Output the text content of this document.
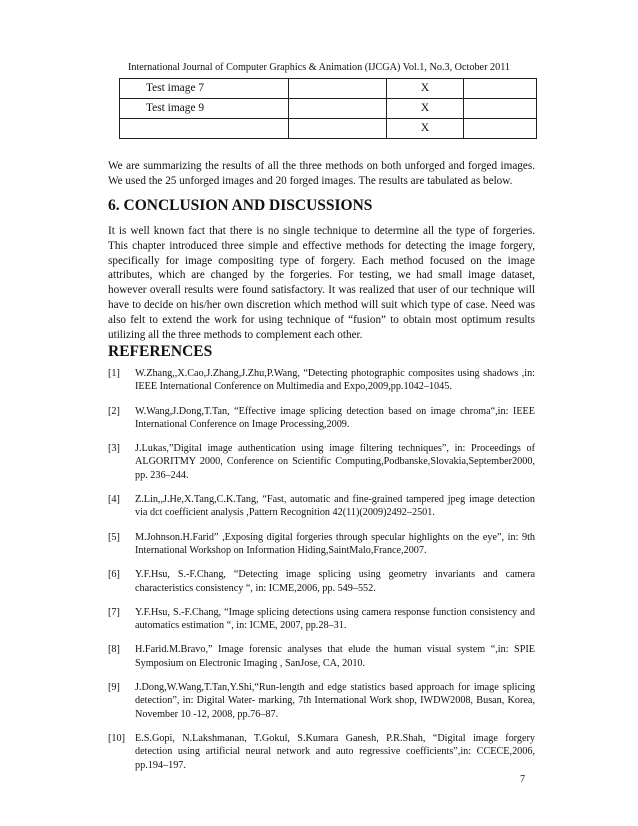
International Journal of Computer Graphics & Animation (IJCGA) Vol.1, No.3, October 2011
Test image 7		X	
Test image 9		X	
		X	

We are summarizing the results of all the three methods on both unforged and forged images. We used the 25 unforged images and 20 forged images. The results are tabulated as below.

6. CONCLUSION AND DISCUSSIONS

It is well known fact that there is no single technique to determine all the type of forgeries. This chapter introduced three simple and effective methods for detecting the image forgery, specifically for image compositing type of forgery. Each method focused on the image attributes, which are changed by the forgeries. For testing, we had small image dataset, however overall results were found satisfactory. It was realized that user of our technique will have to decide on his/her own discretion which method will suit which type of case. Need was also felt to extend the work for using technique of “fusion” to obtain most optimum results utilizing all the three methods to complement each other.

REFERENCES
[1]	W.Zhang,,X.Cao,J.Zhang,J.Zhu,P.Wang, “Detecting photographic composites using shadows ,in: IEEE International Conference on Multimedia and Expo,2009,pp.1042–1045.
[2]	W.Wang,J.Dong,T.Tan, “Effective image splicing detection based on image chroma“,in: IEEE International Conference on Image Processing,2009.
[3]	J.Lukas,”Digital image authentication using image filtering techniques”, in: Proceedings of ALGORITMY 2000, Conference on Scientific Computing,Podbanske,Slovakia,September2000, pp. 236–244.
[4]	Z.Lin,,J.He,X.Tang,C.K.Tang, “Fast, automatic and fine-grained tampered jpeg image detection via dct coefficient analysis ,Pattern Recognition 42(11)(2009)2492–2501.
[5]	M.Johnson.H.Farid” ,Exposing digital forgeries through specular highlights on the eye”, in: 9th International Workshop on Information Hiding,SaintMalo,France,2007.
[6]	Y.F.Hsu, S.-F.Chang, “Detecting image splicing using geometry invariants and camera characteristics consistency “, in: ICME,2006, pp. 549–552.
[7]	Y.F.Hsu, S.-F.Chang, “Image splicing detections using camera response function consistency and automatics estimation “, in: ICME, 2007, pp.28–31.
[8]	H.Farid.M.Bravo,” Image forensic analyses that elude the human visual system “,in: SPIE Symposium on Electronic Imaging , SanJose, CA, 2010.
[9]	J.Dong,W.Wang,T.Tan,Y.Shi,“Run-length and edge statistics based approach for image splicing detection”, in: Digital Water- marking, 7th International Work shop, IWDW2008, Busan, Korea, November 10 -12, 2008, pp.76–87.
[10] E.S.Gopi, N.Lakshmanan, T.Gokul, S.Kumara Ganesh, P.R.Shah, “Digital image forgery detection using artificial neural network and auto regressive coefficients”,in: CCECE,2006, pp.194–197.
7
